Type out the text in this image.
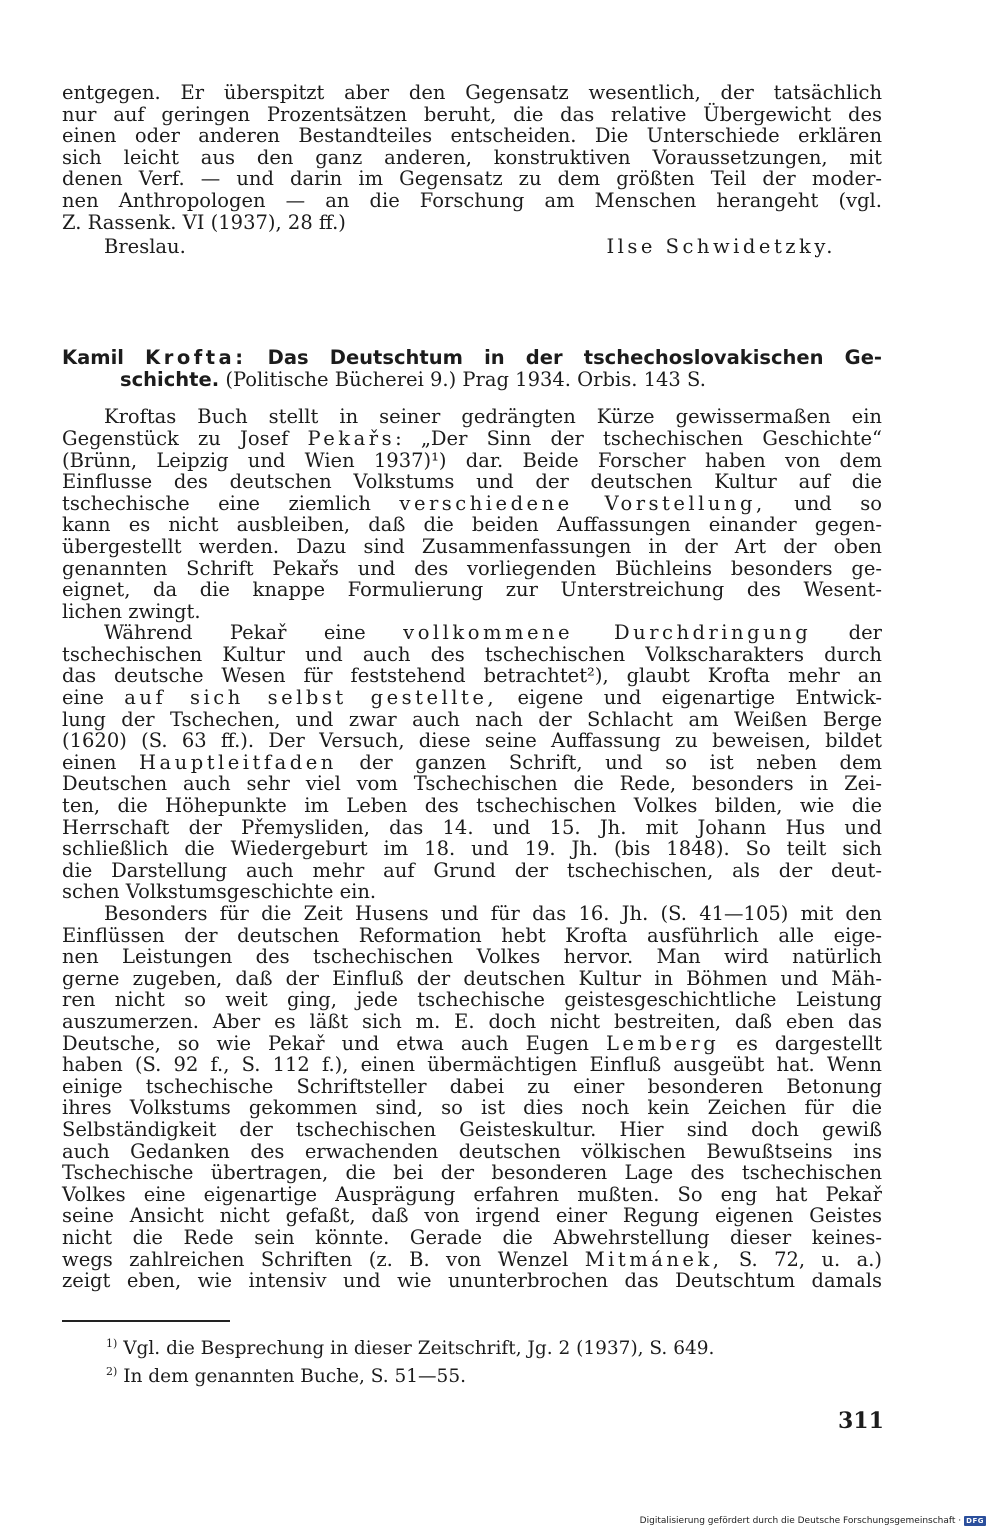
entgegen. Er überspitzt aber den Gegensatz wesentlich, der tatsächlich
nur auf geringen Prozentsätzen beruht, die das relative Übergewicht des
einen oder anderen Bestandteiles entscheiden. Die Unterschiede erklären
sich leicht aus den ganz anderen, konstruktiven Voraussetzungen, mit
denen Verf. — und darin im Gegensatz zu dem größten Teil der moder-
nen Anthropologen — an die Forschung am Menschen herangeht (vgl.
Z. Rassenk. VI (1937), 28 ff.)
Breslau.	Ilse Schwidetzky.
Kamil Krofta: Das Deutschtum in der tschechoslovakischen Ge-
schichte. (Politische Bücherei 9.) Prag 1934. Orbis. 143 S.
Kroftas Buch stellt in seiner gedrängten Kürze gewissermaßen ein
Gegenstück zu Josef Pekařs: „Der Sinn der tschechischen Geschichte“
(Brünn, Leipzig und Wien 1937)¹) dar. Beide Forscher haben von dem
Einflusse des deutschen Volkstums und der deutschen Kultur auf die
tschechische eine ziemlich verschiedene Vorstellung, und so
kann es nicht ausbleiben, daß die beiden Auffassungen einander gegen-
übergestellt werden. Dazu sind Zusammenfassungen in der Art der oben
genannten Schrift Pekařs und des vorliegenden Büchleins besonders ge-
eignet, da die knappe Formulierung zur Unterstreichung des Wesent-
lichen zwingt.
Während Pekař eine vollkommene Durchdringung der
tschechischen Kultur und auch des tschechischen Volkscharakters durch
das deutsche Wesen für feststehend betrachtet²), glaubt Krofta mehr an
eine auf sich selbst gestellte, eigene und eigenartige Entwick-
lung der Tschechen, und zwar auch nach der Schlacht am Weißen Berge
(1620) (S. 63 ff.). Der Versuch, diese seine Auffassung zu beweisen, bildet
einen Hauptleitfaden der ganzen Schrift, und so ist neben dem
Deutschen auch sehr viel vom Tschechischen die Rede, besonders in Zei-
ten, die Höhepunkte im Leben des tschechischen Volkes bilden, wie die
Herrschaft der Přemysliden, das 14. und 15. Jh. mit Johann Hus und
schließlich die Wiedergeburt im 18. und 19. Jh. (bis 1848). So teilt sich
die Darstellung auch mehr auf Grund der tschechischen, als der deut-
schen Volkstumsgeschichte ein.
Besonders für die Zeit Husens und für das 16. Jh. (S. 41—105) mit den
Einflüssen der deutschen Reformation hebt Krofta ausführlich alle eige-
nen Leistungen des tschechischen Volkes hervor. Man wird natürlich
gerne zugeben, daß der Einfluß der deutschen Kultur in Böhmen und Mäh-
ren nicht so weit ging, jede tschechische geistesgeschichtliche Leistung
auszumerzen. Aber es läßt sich m. E. doch nicht bestreiten, daß eben das
Deutsche, so wie Pekař und etwa auch Eugen Lemberg es dargestellt
haben (S. 92 f., S. 112 f.), einen übermächtigen Einfluß ausgeübt hat. Wenn
einige tschechische Schriftsteller dabei zu einer besonderen Betonung
ihres Volkstums gekommen sind, so ist dies noch kein Zeichen für die
Selbständigkeit der tschechischen Geisteskultur. Hier sind doch gewiß
auch Gedanken des erwachenden deutschen völkischen Bewußtseins ins
Tschechische übertragen, die bei der besonderen Lage des tschechischen
Volkes eine eigenartige Ausprägung erfahren mußten. So eng hat Pekař
seine Ansicht nicht gefaßt, daß von irgend einer Regung eigenen Geistes
nicht die Rede sein könnte. Gerade die Abwehrstellung dieser keines-
wegs zahlreichen Schriften (z. B. von Wenzel Mitmánek, S. 72, u. a.)
zeigt eben, wie intensiv und wie ununterbrochen das Deutschtum damals
$^{1)}$ Vgl. die Besprechung in dieser Zeitschrift, Jg. 2 (1937), S. 649.
$^{2)}$ In dem genannten Buche, S. 51—55.
311
Digitalisierung gefördert durch die Deutsche Forschungsgemeinschaft · DFG
